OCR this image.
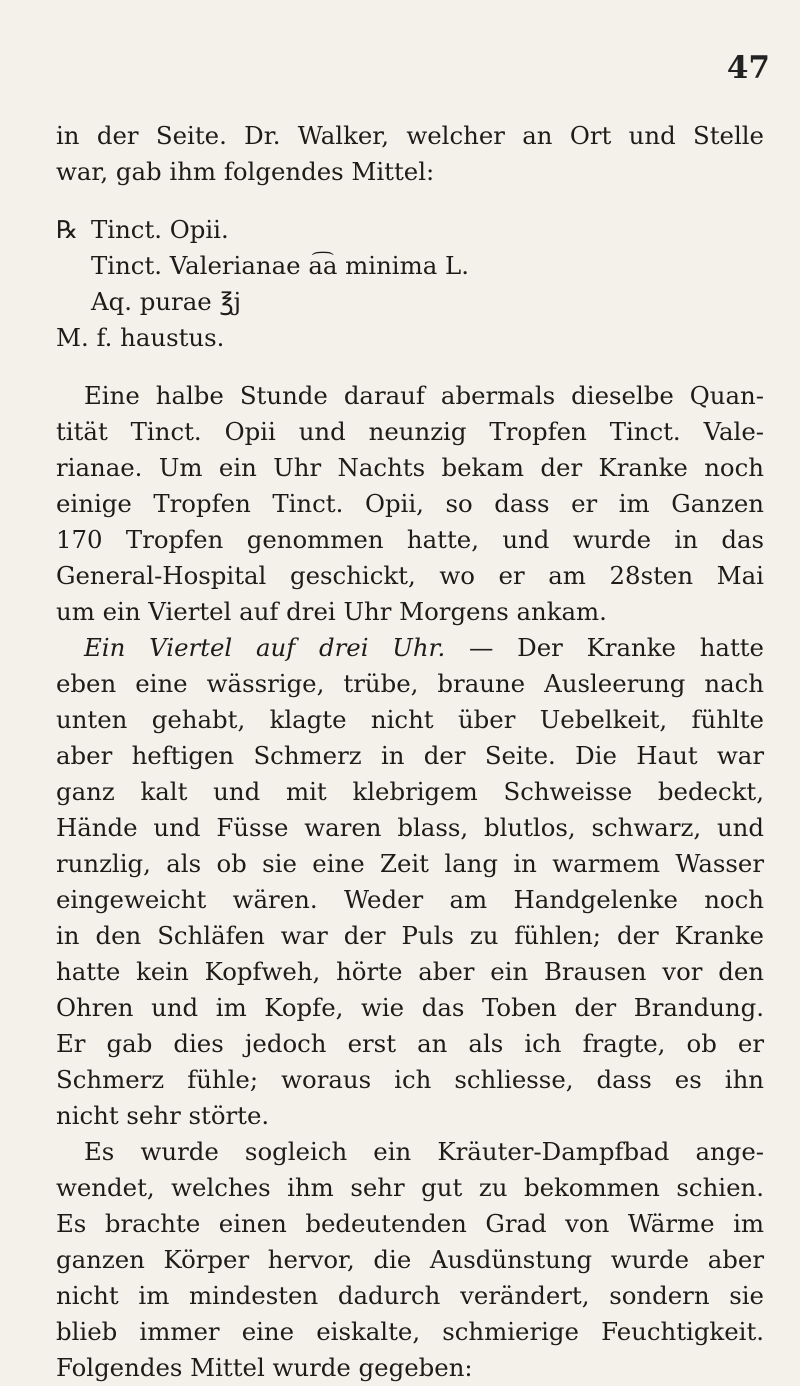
47

in der Seite. Dr. Walker, welcher an Ort und Stelle
war, gab ihm folgendes Mittel:
℞ Tinct. Opii.
Tinct. Valerianae a͡a minima L.
Aq. purae ℥j
M. f. haustus.
Eine halbe Stunde darauf abermals dieselbe Quan-
tität Tinct. Opii und neunzig Tropfen Tinct. Vale-
rianae. Um ein Uhr Nachts bekam der Kranke noch
einige Tropfen Tinct. Opii, so dass er im Ganzen
170 Tropfen genommen hatte, und wurde in das
General-Hospital geschickt, wo er am 28sten Mai
um ein Viertel auf drei Uhr Morgens ankam.
Ein Viertel auf drei Uhr. — Der Kranke hatte
eben eine wässrige, trübe, braune Ausleerung nach
unten gehabt, klagte nicht über Uebelkeit, fühlte
aber heftigen Schmerz in der Seite. Die Haut war
ganz kalt und mit klebrigem Schweisse bedeckt,
Hände und Füsse waren blass, blutlos, schwarz, und
runzlig, als ob sie eine Zeit lang in warmem Wasser
eingeweicht wären. Weder am Handgelenke noch
in den Schläfen war der Puls zu fühlen; der Kranke
hatte kein Kopfweh, hörte aber ein Brausen vor den
Ohren und im Kopfe, wie das Toben der Brandung.
Er gab dies jedoch erst an als ich fragte, ob er
Schmerz fühle; woraus ich schliesse, dass es ihn
nicht sehr störte.
Es wurde sogleich ein Kräuter-Dampfbad ange-
wendet, welches ihm sehr gut zu bekommen schien.
Es brachte einen bedeutenden Grad von Wärme im
ganzen Körper hervor, die Ausdünstung wurde aber
nicht im mindesten dadurch verändert, sondern sie
blieb immer eine eiskalte, schmierige Feuchtigkeit.
Folgendes Mittel wurde gegeben:
